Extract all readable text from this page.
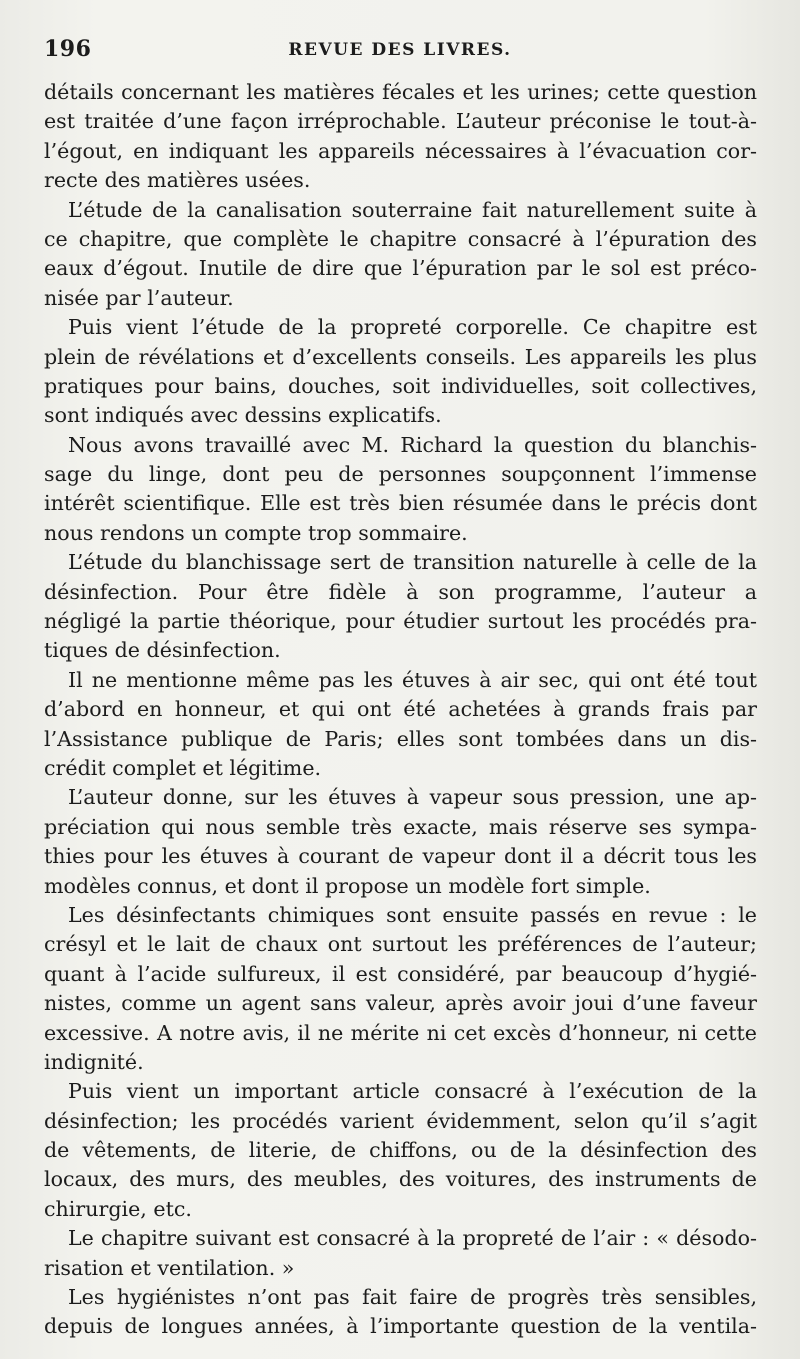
196	REVUE DES LIVRES.
détails concernant les matières fécales et les urines; cette question
est traitée d’une façon irréprochable. L’auteur préconise le tout-à-
l’égout, en indiquant les appareils nécessaires à l’évacuation cor-
recte des matières usées.
L’étude de la canalisation souterraine fait naturellement suite à
ce chapitre, que complète le chapitre consacré à l’épuration des
eaux d’égout. Inutile de dire que l’épuration par le sol est préco-
nisée par l’auteur.
Puis vient l’étude de la propreté corporelle. Ce chapitre est
plein de révélations et d’excellents conseils. Les appareils les plus
pratiques pour bains, douches, soit individuelles, soit collectives,
sont indiqués avec dessins explicatifs.
Nous avons travaillé avec M. Richard la question du blanchis-
sage du linge, dont peu de personnes soupçonnent l’immense
intérêt scientifique. Elle est très bien résumée dans le précis dont
nous rendons un compte trop sommaire.
L’étude du blanchissage sert de transition naturelle à celle de la
désinfection. Pour être fidèle à son programme, l’auteur a
négligé la partie théorique, pour étudier surtout les procédés pra-
tiques de désinfection.
Il ne mentionne même pas les étuves à air sec, qui ont été tout
d’abord en honneur, et qui ont été achetées à grands frais par
l’Assistance publique de Paris; elles sont tombées dans un dis-
crédit complet et légitime.
L’auteur donne, sur les étuves à vapeur sous pression, une ap-
préciation qui nous semble très exacte, mais réserve ses sympa-
thies pour les étuves à courant de vapeur dont il a décrit tous les
modèles connus, et dont il propose un modèle fort simple.
Les désinfectants chimiques sont ensuite passés en revue : le
crésyl et le lait de chaux ont surtout les préférences de l’auteur;
quant à l’acide sulfureux, il est considéré, par beaucoup d’hygié-
nistes, comme un agent sans valeur, après avoir joui d’une faveur
excessive. A notre avis, il ne mérite ni cet excès d’honneur, ni cette
indignité.
Puis vient un important article consacré à l’exécution de la
désinfection; les procédés varient évidemment, selon qu’il s’agit
de vêtements, de literie, de chiffons, ou de la désinfection des
locaux, des murs, des meubles, des voitures, des instruments de
chirurgie, etc.
Le chapitre suivant est consacré à la propreté de l’air : « désodo-
risation et ventilation. »
Les hygiénistes n’ont pas fait faire de progrès très sensibles,
depuis de longues années, à l’importante question de la ventila-
